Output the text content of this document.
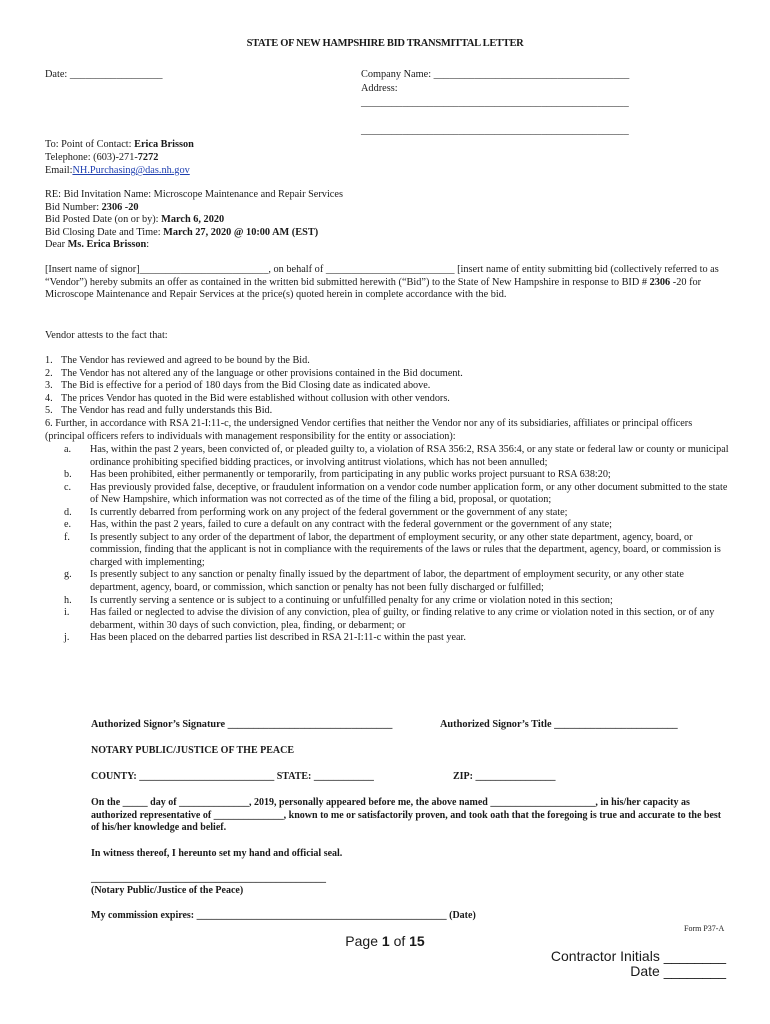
STATE OF NEW HAMPSHIRE BID TRANSMITTAL LETTER
Date: __________________	Company Name: ______________________________________
Address:
____________________________________________________
____________________________________________________
To: Point of Contact: Erica Brisson
Telephone: (603)-271-7272
Email:NH.Purchasing@das.nh.gov
RE: Bid Invitation Name: Microscope Maintenance and Repair Services
Bid Number: 2306 -20
Bid Posted Date (on or by): March 6, 2020
Bid Closing Date and Time: March 27, 2020 @ 10:00 AM (EST)
Dear Ms. Erica Brisson:
[Insert name of signor]_________________________, on behalf of _________________________ [insert name of entity submitting bid (collectively referred to as “Vendor”) hereby submits an offer as contained in the written bid submitted herewith (“Bid”) to the State of New Hampshire in response to BID # 2306 -20 for Microscope Maintenance and Repair Services at the price(s) quoted herein in complete accordance with the bid.
Vendor attests to the fact that:
1. The Vendor has reviewed and agreed to be bound by the Bid.
2. The Vendor has not altered any of the language or other provisions contained in the Bid document.
3. The Bid is effective for a period of 180 days from the Bid Closing date as indicated above.
4. The prices Vendor has quoted in the Bid were established without collusion with other vendors.
5. The Vendor has read and fully understands this Bid.
6. Further, in accordance with RSA 21-I:11-c, the undersigned Vendor certifies that neither the Vendor nor any of its subsidiaries, affiliates or principal officers (principal officers refers to individuals with management responsibility for the entity or association):
a.	Has, within the past 2 years, been convicted of, or pleaded guilty to, a violation of RSA 356:2, RSA 356:4, or any state or federal law or county or municipal ordinance prohibiting specified bidding practices, or involving antitrust violations, which has not been annulled;
b.	Has been prohibited, either permanently or temporarily, from participating in any public works project pursuant to RSA 638:20;
c.	Has previously provided false, deceptive, or fraudulent information on a vendor code number application form, or any other document submitted to the state of New Hampshire, which information was not corrected as of the time of the filing a bid, proposal, or quotation;
d.	Is currently debarred from performing work on any project of the federal government or the government of any state;
e.	Has, within the past 2 years, failed to cure a default on any contract with the federal government or the government of any state;
f.	Is presently subject to any order of the department of labor, the department of employment security, or any other state department, agency, board, or commission, finding that the applicant is not in compliance with the requirements of the laws or rules that the department, agency, board, or commission is charged with implementing;
g.	Is presently subject to any sanction or penalty finally issued by the department of labor, the department of employment security, or any other state department, agency, board, or commission, which sanction or penalty has not been fully discharged or fulfilled;
h.	Is currently serving a sentence or is subject to a continuing or unfulfilled penalty for any crime or violation noted in this section;
i.	Has failed or neglected to advise the division of any conviction, plea of guilty, or finding relative to any crime or violation noted in this section, or of any debarment, within 30 days of such conviction, plea, finding, or debarment; or
j.	Has been placed on the debarred parties list described in RSA 21-I:11-c within the past year.
Authorized Signor’s Signature ________________________________	Authorized Signor’s Title ________________________
NOTARY PUBLIC/JUSTICE OF THE PEACE
COUNTY: ___________________________ STATE: ____________	ZIP: ________________
On the _____ day of ______________, 2019, personally appeared before me, the above named _____________________, in his/her capacity as authorized representative of ______________, known to me or satisfactorily proven, and took oath that the foregoing is true and accurate to the best of his/her knowledge and belief.
In witness thereof, I hereunto set my hand and official seal.
_______________________________________________
(Notary Public/Justice of the Peace)
My commission expires: __________________________________________________ (Date)
Form P37-A
Page 1 of 15
Contractor Initials ________
Date ________
